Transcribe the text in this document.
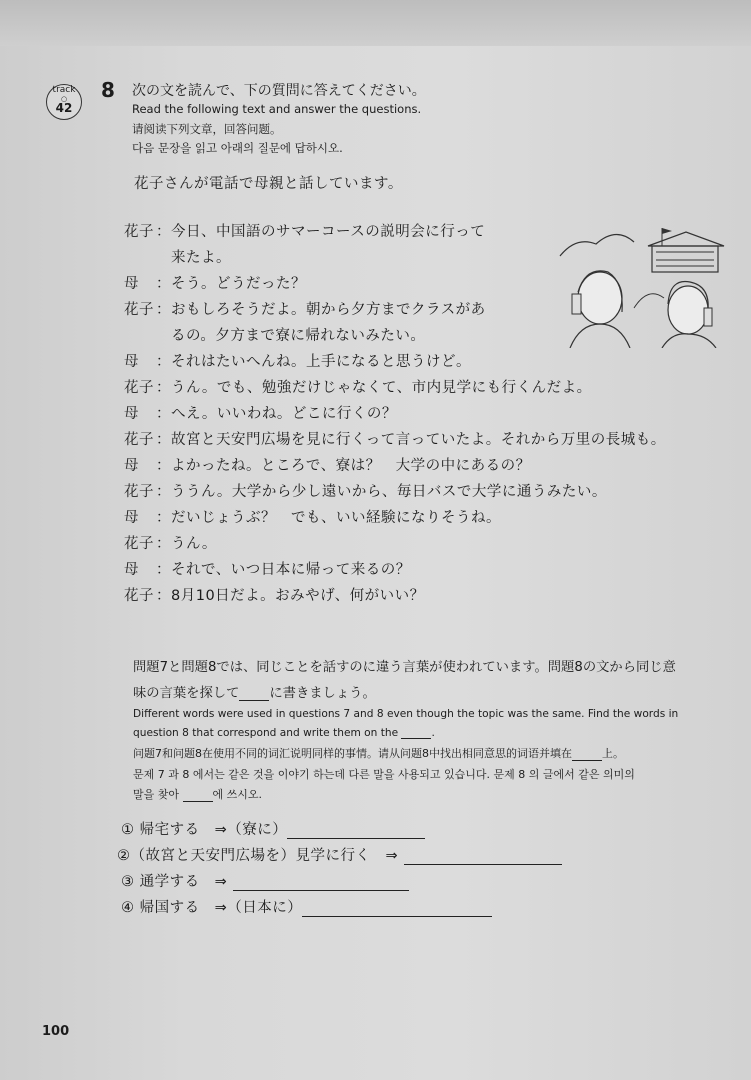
track
○
42
8 次の文を読んで、下の質問に答えてください。
Read the following text and answer the questions.
请阅读下列文章，回答问题。
다음 문장을 읽고 아래의 질문에 답하시오.
花子さんが電話で母親と話しています。
花子 ：今日、中国語のサマーコースの説明会に行って
来たよ。
母 ：そう。どうだった？
花子 ：おもしろそうだよ。朝から夕方までクラスがあ
るの。夕方まで寮に帰れないみたい。
母 ：それはたいへんね。上手になると思うけど。
花子 ：うん。でも、勉強だけじゃなくて、市内見学にも行くんだよ。
母 ：へえ。いいわね。どこに行くの？
花子 ：故宮と天安門広場を見に行くって言っていたよ。それから万里の長城も。
母 ：よかったね。ところで、寮は？　大学の中にあるの？
花子 ：ううん。大学から少し遠いから、毎日バスで大学に通うみたい。
母 ：だいじょうぶ？　でも、いい経験になりそうね。
花子 ：うん。
母 ：それで、いつ日本に帰って来るの？
花子 ：8月10日だよ。おみやげ、何がいい？
問題7と問題8では、同じことを話すのに違う言葉が使われています。問題8の文から同じ意
味の言葉を探して に書きましょう。
Different words were used in questions 7 and 8 even though the topic was the same. Find the words in
question 8 that correspond and write them on the	.
问题7和问题8在使用不同的词汇说明同样的事情。请从问题8中找出相同意思的词语并填在	上。
문제 7 과 8 에서는 같은 것을 이야기 하는데 다른 말을 사용되고 있습니다. 문제 8 의 글에서 같은 의미의
말을 찾아	에 쓰시오.
① 帰宅する　⇒（寮に）
②（故宮と天安門広場を）見学に行く　⇒
③ 通学する　⇒
④ 帰国する　⇒（日本に）
100
